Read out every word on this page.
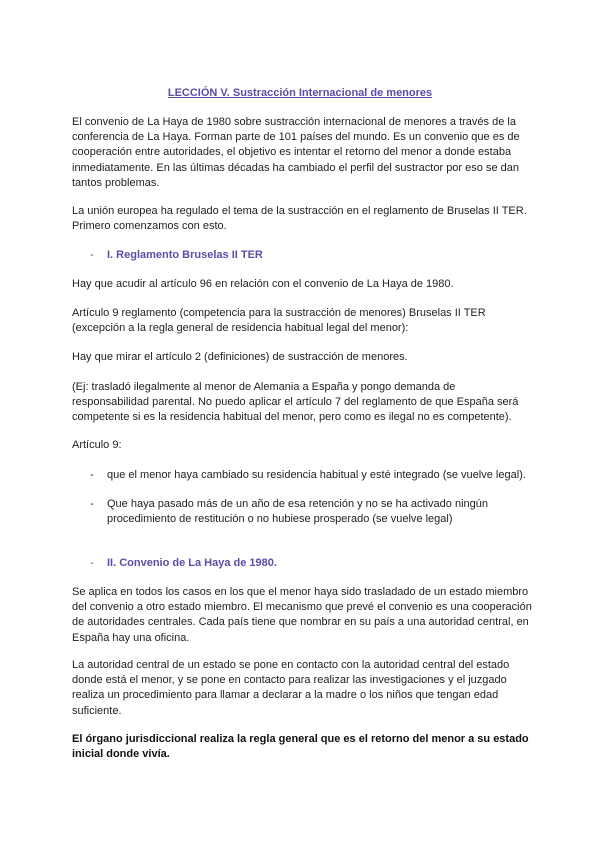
LECCIÓN V. Sustracción Internacional de menores

El convenio de La Haya de 1980 sobre sustracción internacional de menores a través de la conferencia de La Haya. Forman parte de 101 países del mundo. Es un convenio que es de cooperación entre autoridades, el objetivo es intentar el retorno del menor a donde estaba inmediatamente. En las últimas décadas ha cambiado el perfil del sustractor por eso se dan tantos problemas.

La unión europea ha regulado el tema de la sustracción en el reglamento de Bruselas II TER. Primero comenzamos con esto.

- I. Reglamento Bruselas II TER

Hay que acudir al artículo 96 en relación con el convenio de La Haya de 1980.

Artículo 9 reglamento (competencia para la sustracción de menores) Bruselas II TER (excepción a la regla general de residencia habitual legal del menor):

Hay que mirar el artículo 2 (definiciones) de sustracción de menores.

(Ej: trasladó ilegalmente al menor de Alemania a España y pongo demanda de responsabilidad parental. No puedo aplicar el artículo 7 del reglamento de que España será competente si es la residencia habitual del menor, pero como es ilegal no es competente).

Artículo 9:

- que el menor haya cambiado su residencia habitual y esté integrado (se vuelve legal).
- Que haya pasado más de un año de esa retención y no se ha activado ningún procedimiento de restitución o no hubiese prosperado (se vuelve legal)
- II. Convenio de La Haya de 1980.

Se aplica en todos los casos en los que el menor haya sido trasladado de un estado miembro del convenio a otro estado miembro. El mecanismo que prevé el convenio es una cooperación de autoridades centrales. Cada país tiene que nombrar en su país a una autoridad central, en España hay una oficina.

La autoridad central de un estado se pone en contacto con la autoridad central del estado donde está el menor, y se pone en contacto para realizar las investigaciones y el juzgado realiza un procedimiento para llamar a declarar a la madre o los niños que tengan edad suficiente.

El órgano jurisdiccional realiza la regla general que es el retorno del menor a su estado inicial donde vivía.
